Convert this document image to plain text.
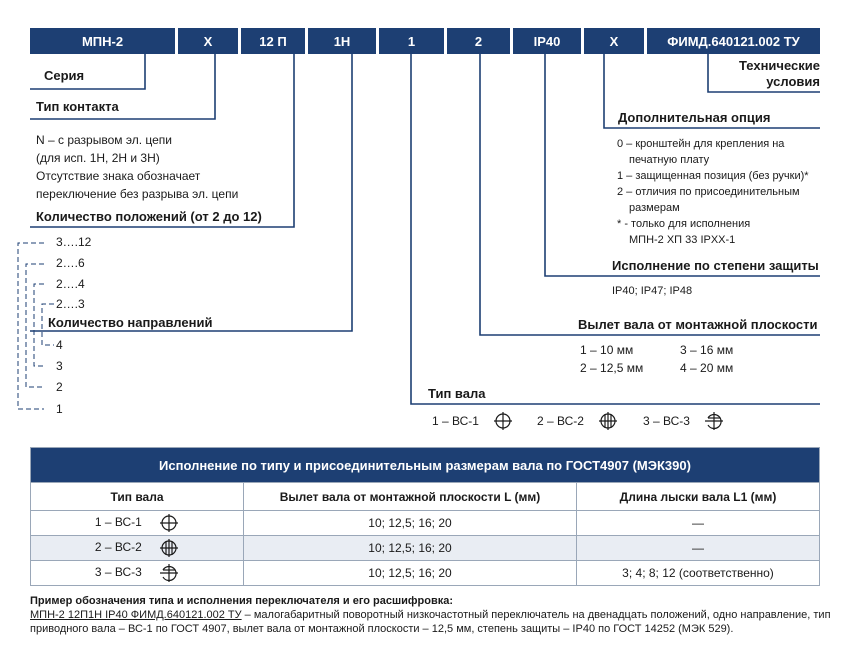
МПН-2	X	12 П	1Н	1	2	IP40	X	ФИМД.640121.002 ТУ
Серия
Тип контакта
N – с разрывом эл. цепи
(для исп. 1Н, 2Н и 3Н)
Отсутствие знака обозначает
переключение без разрыва эл. цепи
Количество положений (от 2 до 12)
3….12
2….6
2….4
2….3
Количество направлений
4
3
2
1
Технические
условия
Дополнительная опция
0 – кронштейн для крепления на
печатную плату
1 – защищенная позиция (без ручки)*
2 – отличия по присоединительным
размерам
* - только для исполнения
МПН-2 ХП 33 IPXX-1
Исполнение по степени защиты
IP40; IP47; IP48
Вылет вала от монтажной плоскости
1 – 10 мм	3 – 16 мм
2 – 12,5 мм	4 – 20 мм
Тип вала
1 – ВС-1	2 – ВС-2	3 – ВС-3
Исполнение по типу и присоединительным размерам вала по ГОСТ4907 (МЭК390)		
Тип вала	Вылет вала от монтажной плоскости L (мм)	Длина лыски вала L1 (мм)
1 – ВС-1	10; 12,5; 16; 20	—
2 – ВС-2	10; 12,5; 16; 20	—
3 – ВС-3	10; 12,5; 16; 20	3; 4; 8; 12 (соответственно)
Пример обозначения типа и исполнения переключателя и его расшифровка:
МПН-2 12П1Н IP40 ФИМД.640121.002 ТУ – малогабаритный поворотный низкочастотный переключатель на двенадцать положений, одно направление, тип приводного вала – ВС-1 по ГОСТ 4907, вылет вала от монтажной плоскости – 12,5 мм, степень защиты – IP40 по ГОСТ 14252 (МЭК 529).
